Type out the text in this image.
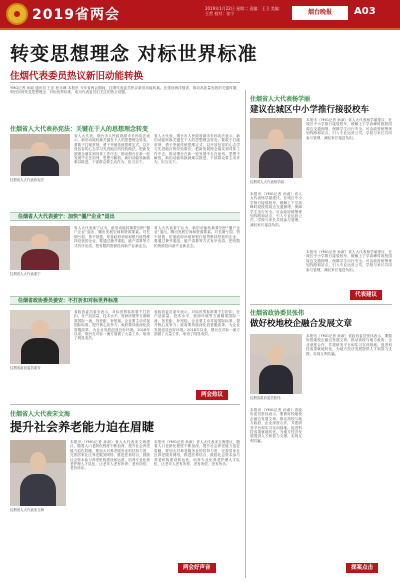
2019省两会	2019年1月22日 星期二 责编：王卫 美编：王哲 校对：张宁	烟台晚报	A03
转变思想理念 对标世界标准
住烟代表委员热议新旧动能转换
YMG记者 孙淑 通讯员 王乐 张永峰 本报讯 今年省两会期间，住烟代表委员热议新旧动能转换。在建设海洋强省、推动高质量发展的关键时期，烟台如何转变思想理念、对标世界标准，成为代表委员们关注的热点话题。
住烟省人大代表孙宪法：关键在于人的思想理念转变
住烟省人大代表孙宪法
省人大代表、烟台市人民政府副市长孙宪法表示，新旧动能转换关键在于人的思想理念转变。要敢于打破常规，勇于突破传统思维定式，以开放包容的心态学习先进地区的经验做法，把新发展理念落实到具体工作中去，推动烟台在新一轮发展中走在前列。思想不解放，新旧动能转换就难以推进，干部群众要主动作为、担当实干。
省人大代表、烟台市人民政府副市长孙宪法表示，新旧动能转换关键在于人的思想理念转变。要敢于打破常规，勇于突破传统思维定式，以开放包容的心态学习先进地区的经验做法，把新发展理念落实到具体工作中去，推动烟台在新一轮发展中走在前列。思想不解放，新旧动能转换就难以推进，干部群众要主动作为、担当实干。
住烟省人大代表姜宁：加快“僵尸企业”退出
住烟省人大代表姜宁
省人大代表姜宁认为，新旧动能转换要加快“僵尸企业”退出，腾出发展空间和资源要素。对长期亏损、资不抵债、依靠政府补贴和银行续贷维持经营的企业，要通过兼并重组、破产清算等方式有序出清，把有限的资源投向新产业新业态。
省人大代表姜宁认为，新旧动能转换要加快“僵尸企业”退出，腾出发展空间和资源要素。对长期亏损、资不抵债、依靠政府补贴和银行续贷维持经营的企业，要通过兼并重组、破产清算等方式有序出清，把有限的资源投向新产业新业态。
住烟省政协委员姜安：不打折扣对标世界标准
住烟省政协委员姜安
省政协委员姜安表示，对标世界标准要不打折扣，在产品质量、技术水平、营商环境等方面瞄准国际一流，找差距、补短板。企业要主动对接国际标准，提升核心竞争力；政府要持续深化放管服改革，为企业发展创造良好环境。2018年以来，烟台在对标一流方面做了大量工作，取得了明显成效。
省政协委员姜安表示，对标世界标准要不打折扣，在产品质量、技术水平、营商环境等方面瞄准国际一流，找差距、补短板。企业要主动对接国际标准，提升核心竞争力；政府要持续深化放管服改革，为企业发展创造良好环境。2018年以来，烟台在对标一流方面做了大量工作，取得了明显成效。
两会热议
住烟省人大代表宋文海
提升社会养老能力迫在眉睫
住烟省人大代表宋文海
本报讯（YMG记者 孙淑）省人大代表宋文海建议，随着人口老龄化程度不断加深，提升社会养老能力迫在眉睫。要加大对养老服务业的扶持力度，完善居家社区养老服务网络，推进医养结合，鼓励社会资本参与养老机构建设和运营，培养专业化养老护理人才队伍，让老年人老有所养、老有所依、老有所乐。
本报讯（YMG记者 孙淑）省人大代表宋文海建议，随着人口老龄化程度不断加深，提升社会养老能力迫在眉睫。要加大对养老服务业的扶持力度，完善居家社区养老服务网络，推进医养结合，鼓励社会资本参与养老机构建设和运营，培养专业化养老护理人才队伍，让老年人老有所养、老有所依、老有所乐。
两会好声音
住烟省人大代表杨学丽
建议在城区中小学推行接驳校车
住烟省人大代表杨学丽
本报讯（YMG记者 孙淑）省人大代表杨学丽建议，在城区中小学推行接驳校车，缓解上下学高峰时段校园周边交通拥堵，保障学生出行安全。可由政府统筹规划线路和站点，引入专业运营公司，学校与家长共同参与管理，减轻家长接送负担。
本报讯（YMG记者 孙淑）省人大代表杨学丽建议，在城区中小学推行接驳校车，缓解上下学高峰时段校园周边交通拥堵，保障学生出行安全。可由政府统筹规划线路和站点，引入专业运营公司，学校与家长共同参与管理，减轻家长接送负担。
本报讯（YMG记者 孙淑）省人大代表杨学丽建议，在城区中小学推行接驳校车，缓解上下学高峰时段校园周边交通拥堵，保障学生出行安全。可由政府统筹规划线路和站点，引入专业运营公司，学校与家长共同参与管理，减轻家长接送负担。
代表建议
住烟省政协委员张伟
做好校地校企融合发展文章
住烟省政协委员张伟
本报讯（YMG记者 孙淑）省政协委员张伟表示，要做好校地校企融合发展文章，推动高校与地方政府、企业深度合作，共建研发平台和实习实训基地，促进科技成果就地转化，为地方经济发展提供人才和智力支撑，实现互利共赢。
本报讯（YMG记者 孙淑）省政协委员张伟表示，要做好校地校企融合发展文章，推动高校与地方政府、企业深度合作，共建研发平台和实习实训基地，促进科技成果就地转化，为地方经济发展提供人才和智力支撑，实现互利共赢。
探案点击
